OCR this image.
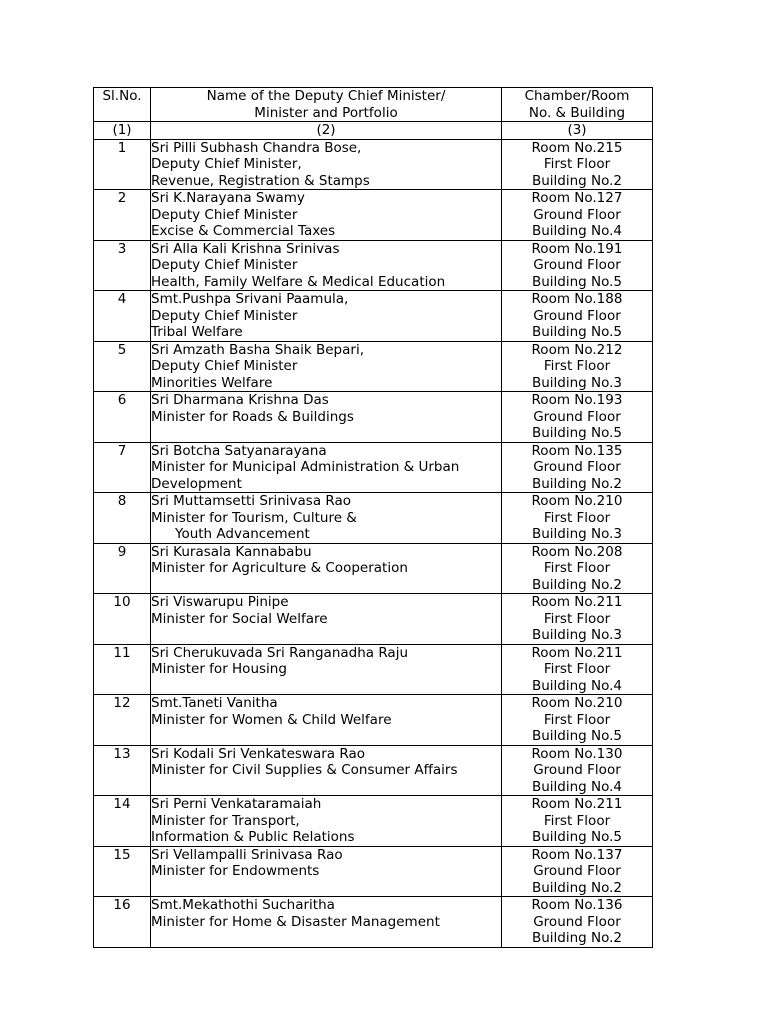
Sl.No.	Name of the Deputy Chief Minister/
Minister and Portfolio	Chamber/Room
No. & Building

(1)	(2)	(3)
1	Sri Pilli Subhash Chandra Bose,
Deputy Chief Minister,
Revenue, Registration & Stamps	Room No.215
First Floor
Building No.2

2	Sri K.Narayana Swamy
Deputy Chief Minister
Excise & Commercial Taxes	Room No.127
Ground Floor
Building No.4

3	Sri Alla Kali Krishna Srinivas
Deputy Chief Minister
Health, Family Welfare & Medical Education	Room No.191
Ground Floor
Building No.5

4	Smt.Pushpa Srivani Paamula,
Deputy Chief Minister
Tribal Welfare	Room No.188
Ground Floor
Building No.5

5	Sri Amzath Basha Shaik Bepari,
Deputy Chief Minister
Minorities Welfare	Room No.212
First Floor
Building No.3

6	Sri Dharmana Krishna Das
Minister for Roads & Buildings	Room No.193
Ground Floor
Building No.5

7	Sri Botcha Satyanarayana
Minister for Municipal Administration & Urban
Development	Room No.135
Ground Floor
Building No.2

8	Sri Muttamsetti Srinivasa Rao
Minister for Tourism, Culture &
Youth Advancement	Room No.210
First Floor
Building No.3

9	Sri Kurasala Kannababu
Minister for Agriculture & Cooperation	Room No.208
First Floor
Building No.2

10	Sri Viswarupu Pinipe
Minister for Social Welfare	Room No.211
First Floor
Building No.3

11	Sri Cherukuvada Sri Ranganadha Raju
Minister for Housing	Room No.211
First Floor
Building No.4

12	Smt.Taneti Vanitha
Minister for Women & Child Welfare	Room No.210
First Floor
Building No.5

13	Sri Kodali Sri Venkateswara Rao
Minister for Civil Supplies & Consumer Affairs	Room No.130
Ground Floor
Building No.4

14	Sri Perni Venkataramaiah
Minister for Transport,
Information & Public Relations	Room No.211
First Floor
Building No.5

15	Sri Vellampalli Srinivasa Rao
Minister for Endowments	Room No.137
Ground Floor
Building No.2

16	Smt.Mekathothi Sucharitha
Minister for Home & Disaster Management	Room No.136
Ground Floor
Building No.2
